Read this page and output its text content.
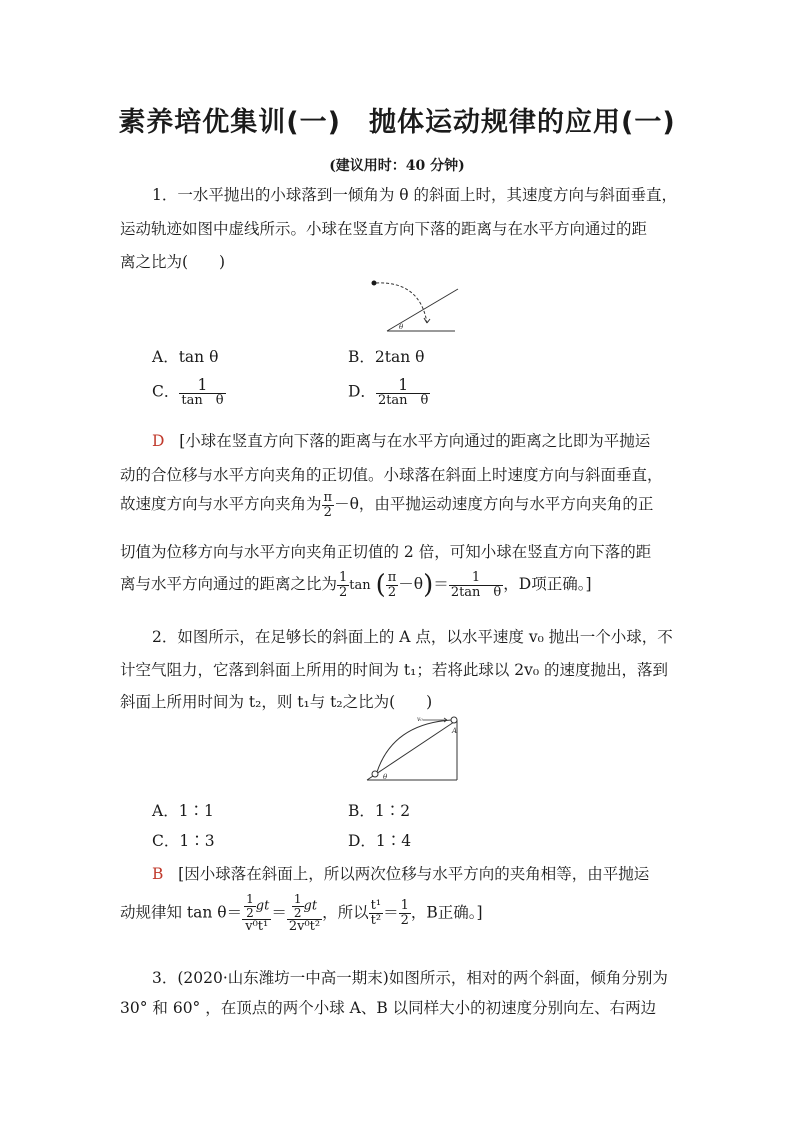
素养培优集训(一)　抛体运动规律的应用(一)
(建议用时：40 分钟)
1．一水平抛出的小球落到一倾角为 θ 的斜面上时，其速度方向与斜面垂直，
运动轨迹如图中虚线所示。小球在竖直方向下落的距离与在水平方向通过的距
离之比为(　　)
θ
A．tan θ	B．2tan θ
C． $\frac{1}{\text{tan　θ}}$	D． $\frac{1}{\text{2tan　θ}}$
D [小球在竖直方向下落的距离与在水平方向通过的距离之比即为平抛运
动的合位移与水平方向夹角的正切值。小球落在斜面上时速度方向与斜面垂直，
故速度方向与水平方向夹角为 $\frac{\pi}{2} -\theta$，由平抛运动速度方向与水平方向夹角的正
切值为位移方向与水平方向夹角正切值的 2 倍，可知小球在竖直方向下落的距
离与水平方向通过的距离之比为 $\frac{1}{2}$ tan ( $\frac{\pi}{2} -\theta)= \frac{1}{\text{2tan　θ}}$ ，D项正确。]
2．如图所示，在足够长的斜面上的 A 点，以水平速度 v₀ 抛出一个小球，不
计空气阻力，它落到斜面上所用的时间为 t₁；若将此球以 2v₀ 的速度抛出，落到
斜面上所用时间为 t₂，则 t₁与 t₂之比为(　　)
v₀
A
θ
A．1∶1	B．1∶2
C．1∶3	D．1∶4
B [因小球落在斜面上，所以两次位移与水平方向的夹角相等，由平抛运
动规律知 $\tan \theta= \frac{\frac{1}{2} gt}{\text{v⁰t¹}} = \frac{\frac{1}{2} gt}{\text{2v⁰t²}}$ ，所以 $\frac{\text{t¹}}{\text{t²}} = \frac{1}{2}$ ，B正确。]
3．(2020·山东潍坊一中高一期末)如图所示，相对的两个斜面，倾角分别为
30° 和 60° ，在顶点的两个小球 A、B 以同样大小的初速度分别向左、右两边
